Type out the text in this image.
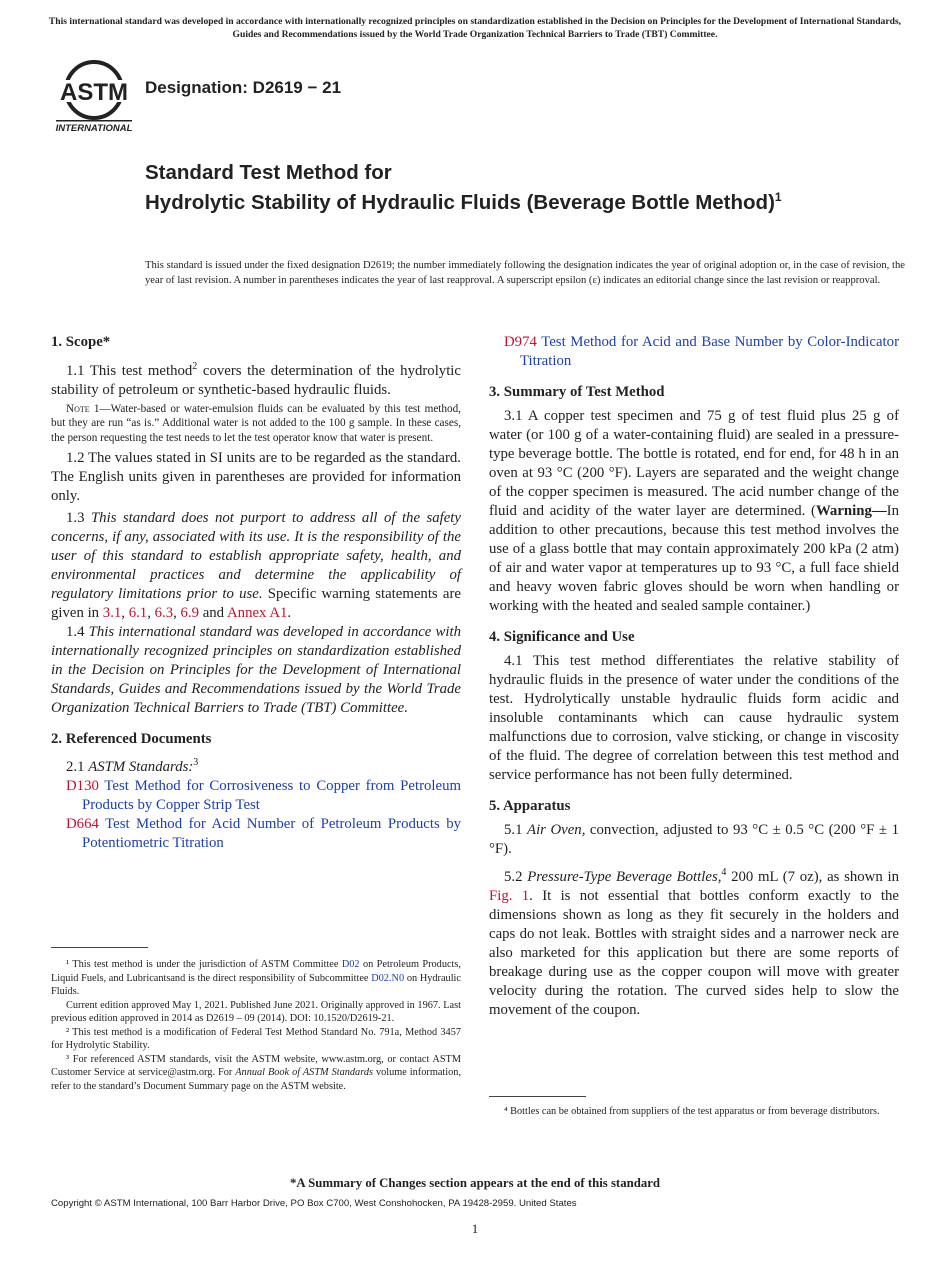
This international standard was developed in accordance with internationally recognized principles on standardization established in the Decision on Principles for the Development of International Standards, Guides and Recommendations issued by the World Trade Organization Technical Barriers to Trade (TBT) Committee.
ASTM
INTERNATIONAL
Designation: D2619 − 21
Standard Test Method for
Hydrolytic Stability of Hydraulic Fluids (Beverage Bottle Method)$^1$
This standard is issued under the fixed designation D2619; the number immediately following the designation indicates the year of original adoption or, in the case of revision, the year of last revision. A number in parentheses indicates the year of last reapproval. A superscript epsilon (ε) indicates an editorial change since the last revision or reapproval.

1. Scope*

1.1 This test method$^2$ covers the determination of the hydrolytic stability of petroleum or synthetic-based hydraulic fluids.

Note 1—Water-based or water-emulsion fluids can be evaluated by this test method, but they are run “as is.” Additional water is not added to the 100 g sample. In these cases, the person requesting the test needs to let the test operator know that water is present.

1.2 The values stated in SI units are to be regarded as the standard. The English units given in parentheses are provided for information only.

1.3 This standard does not purport to address all of the safety concerns, if any, associated with its use. It is the responsibility of the user of this standard to establish appropriate safety, health, and environmental practices and determine the applicability of regulatory limitations prior to use. Specific warning statements are given in 3.1, 6.1, 6.3, 6.9 and Annex A1.

1.4 This international standard was developed in accordance with internationally recognized principles on standardization established in the Decision on Principles for the Development of International Standards, Guides and Recommendations issued by the World Trade Organization Technical Barriers to Trade (TBT) Committee.

2. Referenced Documents

2.1 ASTM Standards:$^3$

D130 Test Method for Corrosiveness to Copper from Petroleum Products by Copper Strip Test

D664 Test Method for Acid Number of Petroleum Products by Potentiometric Titration

¹ This test method is under the jurisdiction of ASTM Committee D02 on Petroleum Products, Liquid Fuels, and Lubricantsand is the direct responsibility of Subcommittee D02.N0 on Hydraulic Fluids.

Current edition approved May 1, 2021. Published June 2021. Originally approved in 1967. Last previous edition approved in 2014 as D2619 – 09 (2014). DOI: 10.1520/D2619-21.

² This test method is a modification of Federal Test Method Standard No. 791a, Method 3457 for Hydrolytic Stability.

³ For referenced ASTM standards, visit the ASTM website, www.astm.org, or contact ASTM Customer Service at service@astm.org. For Annual Book of ASTM Standards volume information, refer to the standard’s Document Summary page on the ASTM website.

D974 Test Method for Acid and Base Number by Color-Indicator Titration

3. Summary of Test Method

3.1 A copper test specimen and 75 g of test fluid plus 25 g of water (or 100 g of a water-containing fluid) are sealed in a pressure-type beverage bottle. The bottle is rotated, end for end, for 48 h in an oven at 93 °C (200 °F). Layers are separated and the weight change of the copper specimen is measured. The acid number change of the fluid and acidity of the water layer are determined. (Warning—In addition to other precautions, because this test method involves the use of a glass bottle that may contain approximately 200 kPa (2 atm) of air and water vapor at temperatures up to 93 °C, a full face shield and heavy woven fabric gloves should be worn when handling or working with the heated and sealed sample container.)

4. Significance and Use

4.1 This test method differentiates the relative stability of hydraulic fluids in the presence of water under the conditions of the test. Hydrolytically unstable hydraulic fluids form acidic and insoluble contaminants which can cause hydraulic system malfunctions due to corrosion, valve sticking, or change in viscosity of the fluid. The degree of correlation between this test method and service performance has not been fully determined.

5. Apparatus

5.1 Air Oven, convection, adjusted to 93 °C ± 0.5 °C (200 °F ± 1 °F).

5.2 Pressure-Type Beverage Bottles,$^4$ 200 mL (7 oz), as shown in Fig. 1. It is not essential that bottles conform exactly to the dimensions shown as long as they fit securely in the holders and caps do not leak. Bottles with straight sides and a narrower neck are also marketed for this application but there are some reports of breakage during use as the copper coupon will move with greater velocity during the rotation. The curved sides help to slow the movement of the coupon.

⁴ Bottles can be obtained from suppliers of the test apparatus or from beverage distributors.

*A Summary of Changes section appears at the end of this standard
Copyright © ASTM International, 100 Barr Harbor Drive, PO Box C700, West Conshohocken, PA 19428-2959. United States
1
